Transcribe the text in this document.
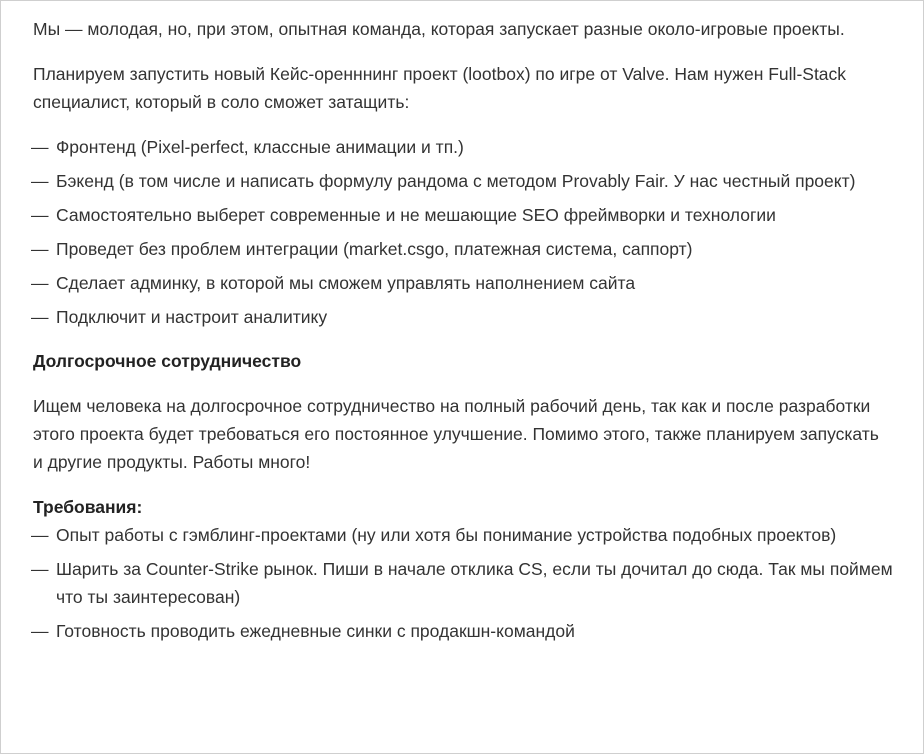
Мы — молодая, но, при этом, опытная команда, которая запускает разные около-игровые проекты.

Планируем запустить новый Кейс-оpенннинг проект (lootbox) по игре от Valve. Нам нужен Full-Stack специалист, который в соло сможет затащить:

— Фронтенд (Pixel-perfect, классные анимации и тп.)
— Бэкенд (в том числе и написать формулу рандома с методом Provably Fair. У нас честный проект)
— Самостоятельно выберет современные и не мешающие SEO фреймворки и технологии
— Проведет без проблем интеграции (market.csgo, платежная система, саппорт)
— Сделает админку, в которой мы сможем управлять наполнением сайта
— Подключит и настроит аналитику

Долгосрочное сотрудничество

Ищем человека на долгосрочное сотрудничество на полный рабочий день, так как и после разработки этого проекта будет требоваться его постоянное улучшение. Помимо этого, также планируем запускать и другие продукты. Работы много!

Требования:

— Опыт работы с гэмблинг-проектами (ну или хотя бы понимание устройства подобных проектов)
— Шарить за Counter-Strike рынок. Пиши в начале отклика CS, если ты дочитал до сюда. Так мы поймем что ты заинтересован)
— Готовность проводить ежедневные синки с продакшн-командой
